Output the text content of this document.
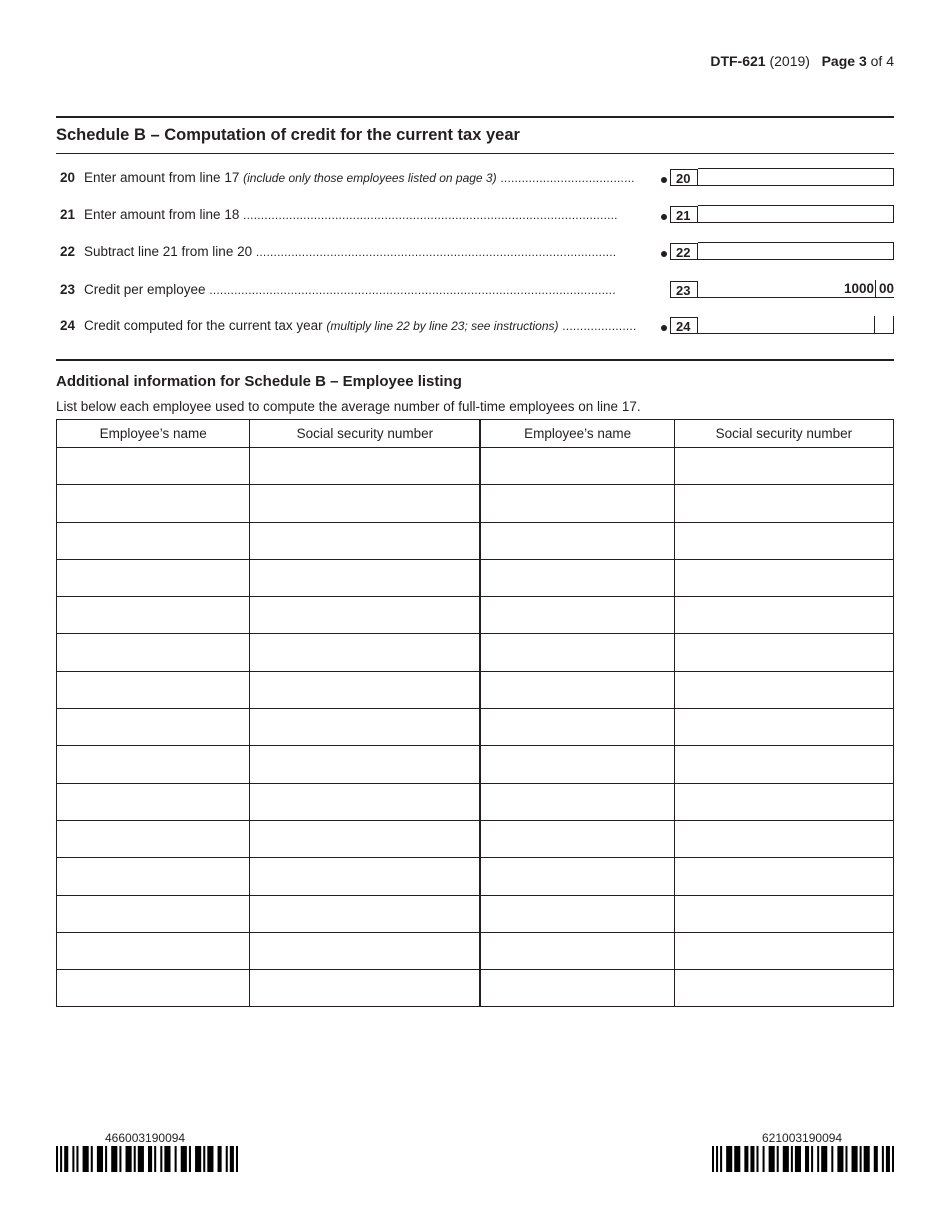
DTF-621 (2019) Page 3 of 4
Schedule B – Computation of credit for the current tax year
20 Enter amount from line 17 (include only those employees listed on page 3) ......................................	20
21 Enter amount from line 18 ..........................................................................................................	21
22 Subtract line 21 from line 20 ......................................................................................................	22
23 Credit per employee ...................................................................................................................	23	1000 00
24 Credit computed for the current tax year (multiply line 22 by line 23; see instructions) .....................	24
Additional information for Schedule B – Employee listing
List below each employee used to compute the average number of full-time employees on line 17.
Employee’s name	Social security number	Employee’s name	Social security number

466003190094	621003190094
